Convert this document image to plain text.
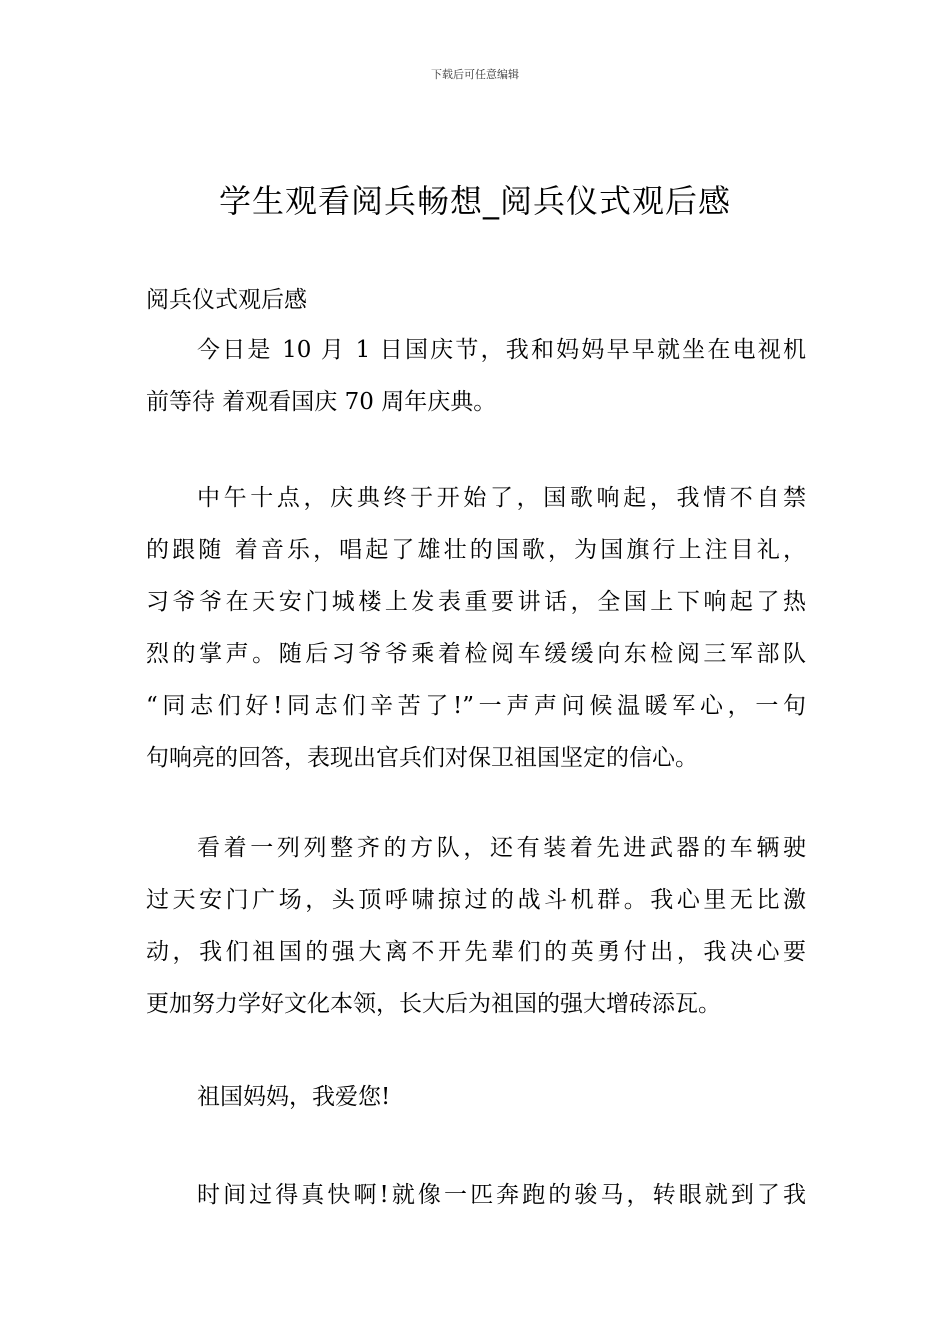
下载后可任意编辑
学生观看阅兵畅想_阅兵仪式观后感
阅兵仪式观后感
今日是 10 月 1 日国庆节，我和妈妈早早就坐在电视机
前等待 着观看国庆 70 周年庆典。
中午十点，庆典终于开始了，国歌响起，我情不自禁
的跟随 着音乐，唱起了雄壮的国歌，为国旗行上注目礼，
习爷爷在天安门城楼上发表重要讲话，全国上下响起了热
烈的掌声。随后习爷爷乘着检阅车缓缓向东检阅三军部队
“同志们好!同志们辛苦了!”一声声问候温暖军心，一句
句响亮的回答，表现出官兵们对保卫祖国坚定的信心。
看着一列列整齐的方队，还有装着先进武器的车辆驶
过天安门广场，头顶呼啸掠过的战斗机群。我心里无比激
动，我们祖国的强大离不开先辈们的英勇付出，我决心要
更加努力学好文化本领，长大后为祖国的强大增砖添瓦。
祖国妈妈，我爱您!
时间过得真快啊!就像一匹奔跑的骏马，转眼就到了我
